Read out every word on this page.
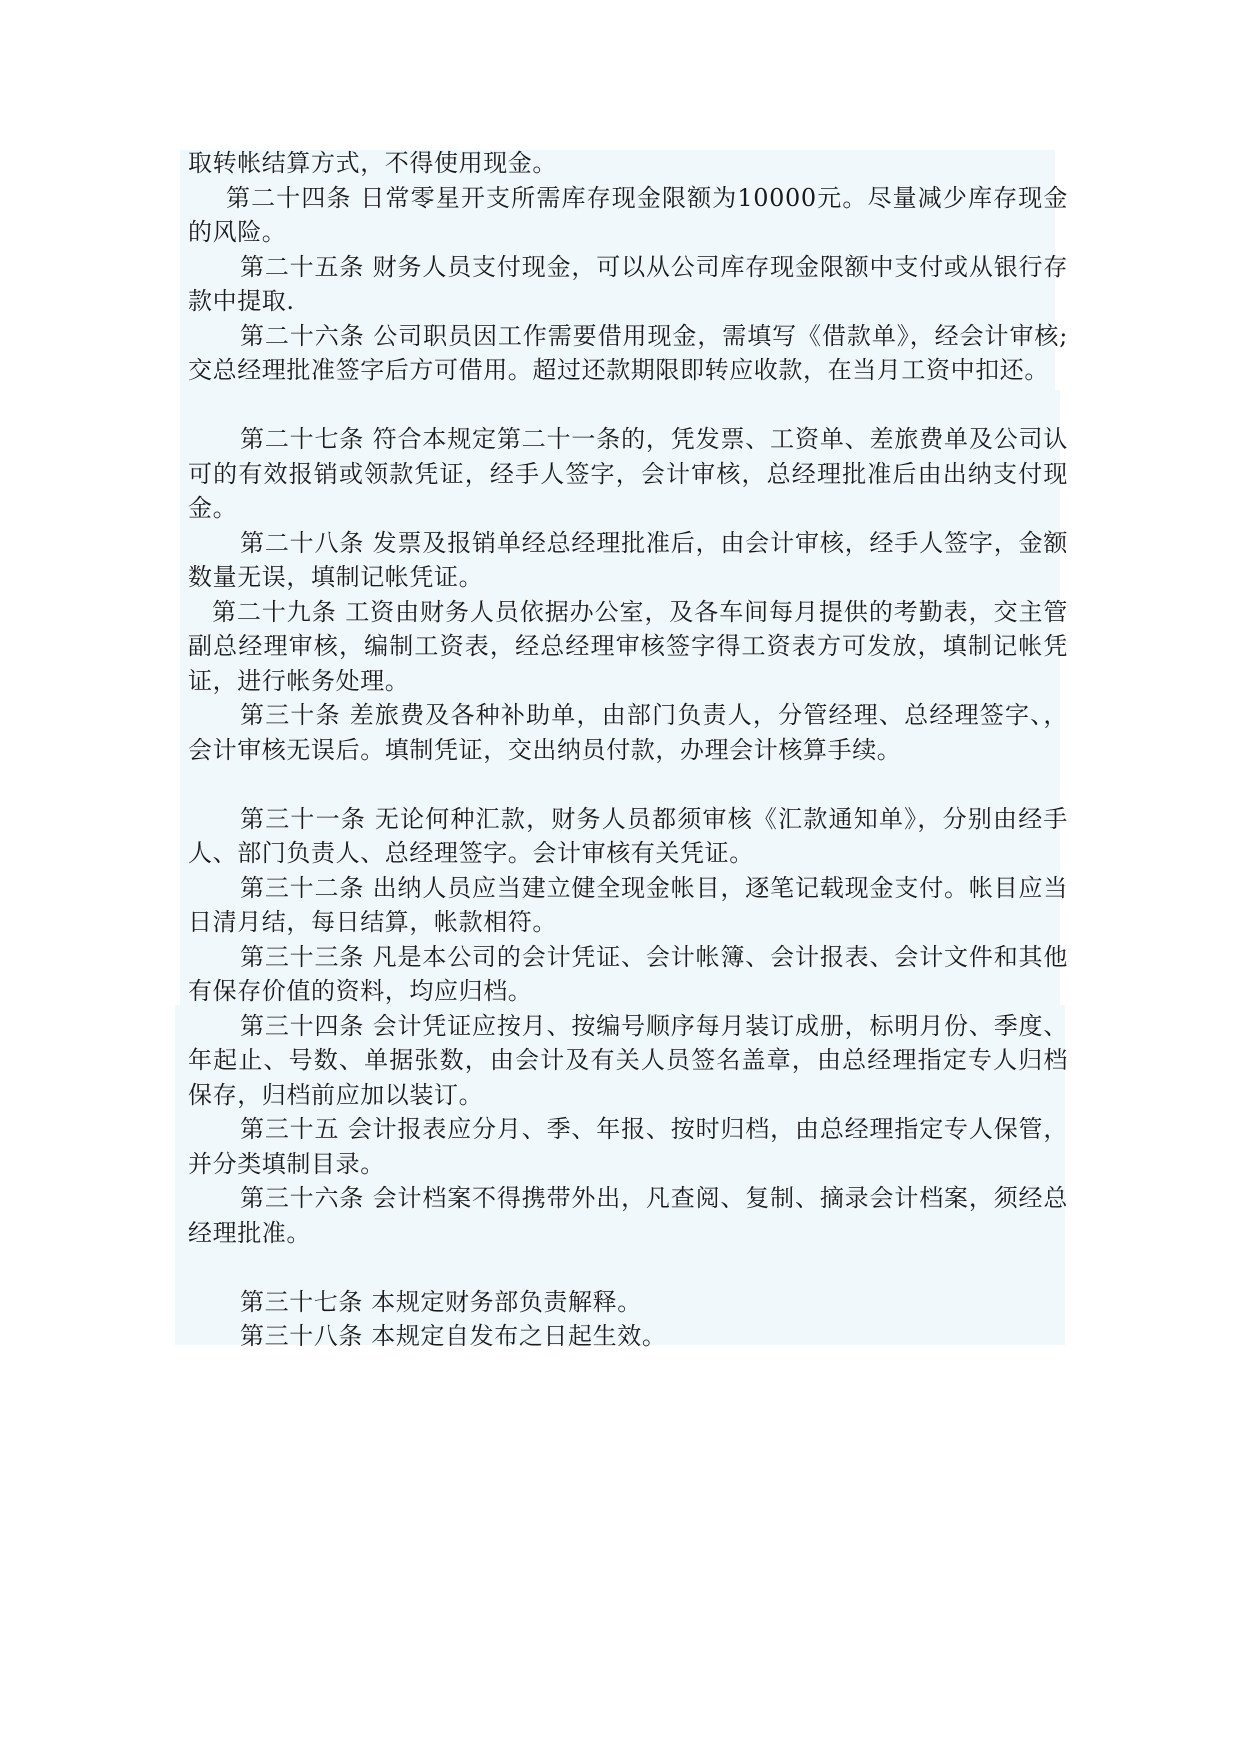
取转帐结算方式，不得使用现金。

第二十四条 日常零星开支所需库存现金限额为10000元。尽量减少库存现金的风险。

第二十五条 财务人员支付现金，可以从公司库存现金限额中支付或从银行存款中提取.

第二十六条 公司职员因工作需要借用现金，需填写《借款单》，经会计审核;交总经理批准签字后方可借用。超过还款期限即转应收款，在当月工资中扣还。

第二十七条 符合本规定第二十一条的，凭发票、工资单、差旅费单及公司认可的有效报销或领款凭证，经手人签字，会计审核，总经理批准后由出纳支付现金。

第二十八条 发票及报销单经总经理批准后，由会计审核，经手人签字，金额数量无误，填制记帐凭证。

第二十九条 工资由财务人员依据办公室，及各车间每月提供的考勤表，交主管副总经理审核，编制工资表，经总经理审核签字得工资表方可发放，填制记帐凭证，进行帐务处理。

第三十条 差旅费及各种补助单，由部门负责人，分管经理、总经理签字、，会计审核无误后。填制凭证，交出纳员付款，办理会计核算手续。

第三十一条 无论何种汇款，财务人员都须审核《汇款通知单》，分别由经手人、部门负责人、总经理签字。会计审核有关凭证。

第三十二条 出纳人员应当建立健全现金帐目，逐笔记载现金支付。帐目应当日清月结，每日结算，帐款相符。

第三十三条 凡是本公司的会计凭证、会计帐簿、会计报表、会计文件和其他有保存价值的资料，均应归档。

第三十四条 会计凭证应按月、按编号顺序每月装订成册，标明月份、季度、年起止、号数、单据张数，由会计及有关人员签名盖章，由总经理指定专人归档保存，归档前应加以装订。

第三十五 会计报表应分月、季、年报、按时归档，由总经理指定专人保管，并分类填制目录。

第三十六条 会计档案不得携带外出，凡查阅、复制、摘录会计档案，须经总经理批准。

第三十七条 本规定财务部负责解释。

第三十八条 本规定自发布之日起生效。
